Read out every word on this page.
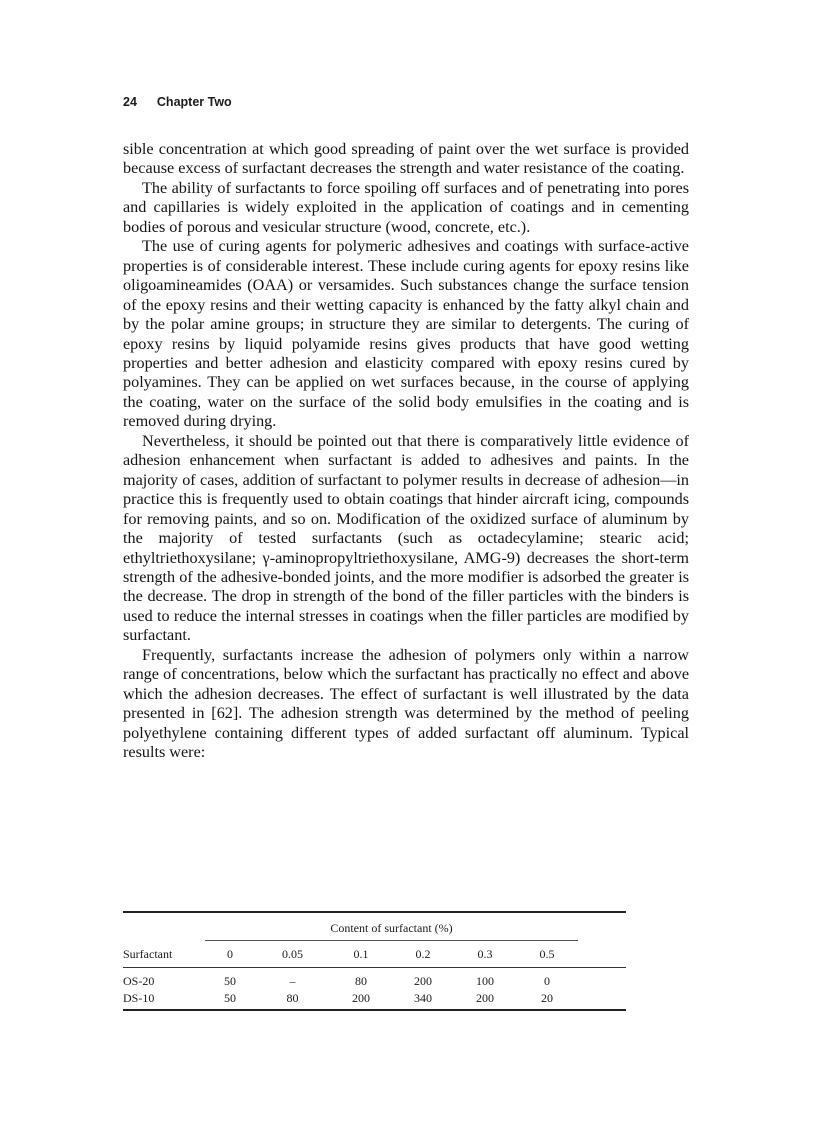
24 Chapter Two

sible concentration at which good spreading of paint over the wet surface is provided because excess of surfactant decreases the strength and water resistance of the coating.

The ability of surfactants to force spoiling off surfaces and of penetrating into pores and capillaries is widely exploited in the application of coatings and in cementing bodies of porous and vesicular structure (wood, concrete, etc.).

The use of curing agents for polymeric adhesives and coatings with surface-active properties is of considerable interest. These include curing agents for epoxy resins like oligoamineamides (OAA) or versamides. Such substances change the surface tension of the epoxy resins and their wetting capacity is enhanced by the fatty alkyl chain and by the polar amine groups; in structure they are similar to detergents. The curing of epoxy resins by liquid polyamide resins gives products that have good wetting properties and better adhesion and elasticity compared with epoxy resins cured by polyamines. They can be applied on wet surfaces because, in the course of applying the coating, water on the surface of the solid body emulsifies in the coating and is removed during drying.

Nevertheless, it should be pointed out that there is comparatively little evidence of adhesion enhancement when surfactant is added to adhesives and paints. In the majority of cases, addition of surfactant to polymer results in decrease of adhesion—in practice this is frequently used to obtain coatings that hinder aircraft icing, compounds for removing paints, and so on. Modification of the oxidized surface of aluminum by the majority of tested surfactants (such as octadecylamine; stearic acid; ethyltriethoxysilane; γ-aminopropyltriethoxysilane, AMG-9) decreases the short-term strength of the adhesive-bonded joints, and the more modifier is adsorbed the greater is the decrease. The drop in strength of the bond of the filler particles with the binders is used to reduce the internal stresses in coatings when the filler particles are modified by surfactant.

Frequently, surfactants increase the adhesion of polymers only within a narrow range of concentrations, below which the surfactant has practically no effect and above which the adhesion decreases. The effect of surfactant is well illustrated by the data presented in [62]. The adhesion strength was determined by the method of peeling polyethylene containing different types of added surfactant off aluminum. Typical results were:

	Content of surfactant (%)						
Surfactant	0	0.05	0.1	0.2	0.3	0.5	
OS-20	50	–	80	200	100	0	
DS-10	50	80	200	340	200	20	
